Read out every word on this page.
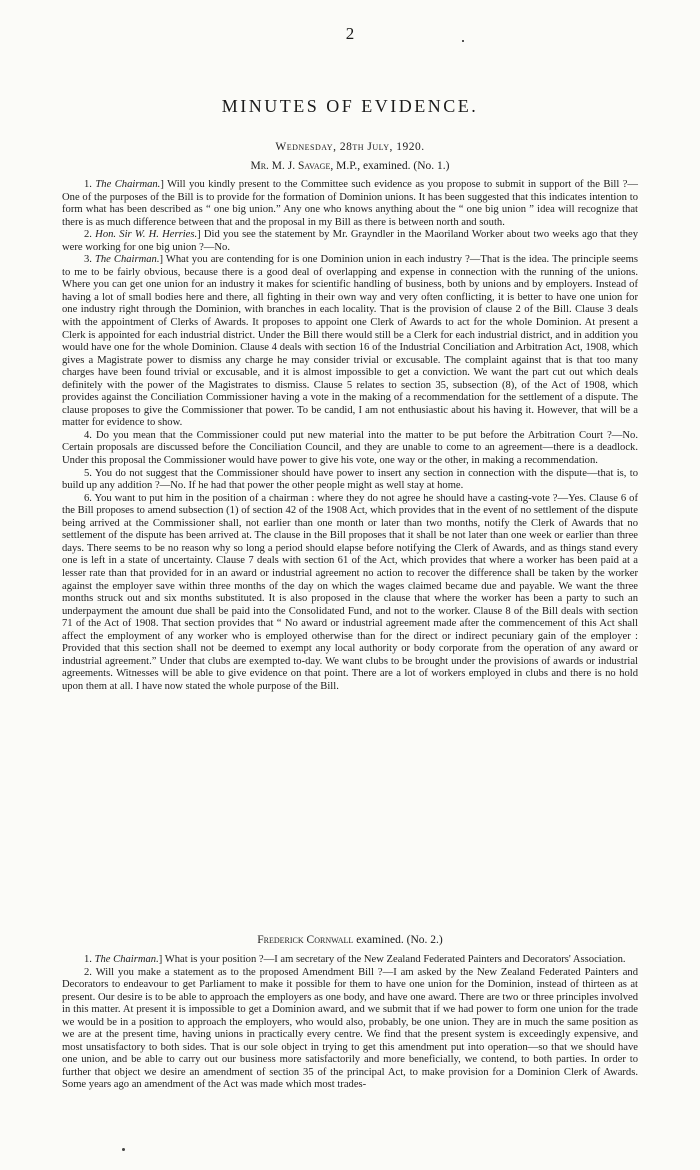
2
MINUTES OF EVIDENCE.
Wednesday, 28th July, 1920.
Mr. M. J. Savage, M.P., examined. (No. 1.)

1. The Chairman.] Will you kindly present to the Committee such evidence as you propose to submit in support of the Bill ?—One of the purposes of the Bill is to provide for the formation of Dominion unions. It has been suggested that this indicates intention to form what has been described as “ one big union.” Any one who knows anything about the “ one big union ” idea will recognize that there is as much difference between that and the proposal in my Bill as there is between north and south.

2. Hon. Sir W. H. Herries.] Did you see the statement by Mr. Grayndler in the Maoriland Worker about two weeks ago that they were working for one big union ?—No.

3. The Chairman.] What you are contending for is one Dominion union in each industry ?—That is the idea. The principle seems to me to be fairly obvious, because there is a good deal of overlapping and expense in connection with the running of the unions. Where you can get one union for an industry it makes for scientific handling of business, both by unions and by employers. Instead of having a lot of small bodies here and there, all fighting in their own way and very often conflicting, it is better to have one union for one industry right through the Dominion, with branches in each locality. That is the provision of clause 2 of the Bill. Clause 3 deals with the appointment of Clerks of Awards. It proposes to appoint one Clerk of Awards to act for the whole Dominion. At present a Clerk is appointed for each industrial district. Under the Bill there would still be a Clerk for each industrial district, and in addition you would have one for the whole Dominion. Clause 4 deals with section 16 of the Industrial Conciliation and Arbitration Act, 1908, which gives a Magistrate power to dismiss any charge he may consider trivial or excusable. The complaint against that is that too many charges have been found trivial or excusable, and it is almost impossible to get a conviction. We want the part cut out which deals definitely with the power of the Magistrates to dismiss. Clause 5 relates to section 35, subsection (8), of the Act of 1908, which provides against the Conciliation Commissioner having a vote in the making of a recommendation for the settlement of a dispute. The clause proposes to give the Commissioner that power. To be candid, I am not enthusiastic about his having it. However, that will be a matter for evidence to show.

4. Do you mean that the Commissioner could put new material into the matter to be put before the Arbitration Court ?—No. Certain proposals are discussed before the Conciliation Council, and they are unable to come to an agreement—there is a deadlock. Under this proposal the Commissioner would have power to give his vote, one way or the other, in making a recommendation.

5. You do not suggest that the Commissioner should have power to insert any section in connection with the dispute—that is, to build up any addition ?—No. If he had that power the other people might as well stay at home.

6. You want to put him in the position of a chairman : where they do not agree he should have a casting-vote ?—Yes. Clause 6 of the Bill proposes to amend subsection (1) of section 42 of the 1908 Act, which provides that in the event of no settlement of the dispute being arrived at the Commissioner shall, not earlier than one month or later than two months, notify the Clerk of Awards that no settlement of the dispute has been arrived at. The clause in the Bill proposes that it shall be not later than one week or earlier than three days. There seems to be no reason why so long a period should elapse before notifying the Clerk of Awards, and as things stand every one is left in a state of uncertainty. Clause 7 deals with section 61 of the Act, which provides that where a worker has been paid at a lesser rate than that provided for in an award or industrial agreement no action to recover the difference shall be taken by the worker against the employer save within three months of the day on which the wages claimed became due and payable. We want the three months struck out and six months substituted. It is also proposed in the clause that where the worker has been a party to such an underpayment the amount due shall be paid into the Consolidated Fund, and not to the worker. Clause 8 of the Bill deals with section 71 of the Act of 1908. That section provides that “ No award or industrial agreement made after the commencement of this Act shall affect the employment of any worker who is employed otherwise than for the direct or indirect pecuniary gain of the employer : Provided that this section shall not be deemed to exempt any local authority or body corporate from the operation of any award or industrial agreement.” Under that clubs are exempted to-day. We want clubs to be brought under the provisions of awards or industrial agreements. Witnesses will be able to give evidence on that point. There are a lot of workers employed in clubs and there is no hold upon them at all. I have now stated the whole purpose of the Bill.

Frederick Cornwall examined. (No. 2.)

1. The Chairman.] What is your position ?—I am secretary of the New Zealand Federated Painters and Decorators' Association.

2. Will you make a statement as to the proposed Amendment Bill ?—I am asked by the New Zealand Federated Painters and Decorators to endeavour to get Parliament to make it possible for them to have one union for the Dominion, instead of thirteen as at present. Our desire is to be able to approach the employers as one body, and have one award. There are two or three principles involved in this matter. At present it is impossible to get a Dominion award, and we submit that if we had power to form one union for the trade we would be in a position to approach the employers, who would also, probably, be one union. They are in much the same position as we are at the present time, having unions in practically every centre. We find that the present system is exceedingly expensive, and most unsatisfactory to both sides. That is our sole object in trying to get this amendment put into operation—so that we should have one union, and be able to carry out our business more satisfactorily and more beneficially, we contend, to both parties. In order to further that object we desire an amendment of section 35 of the principal Act, to make provision for a Dominion Clerk of Awards. Some years ago an amendment of the Act was made which most trades-
